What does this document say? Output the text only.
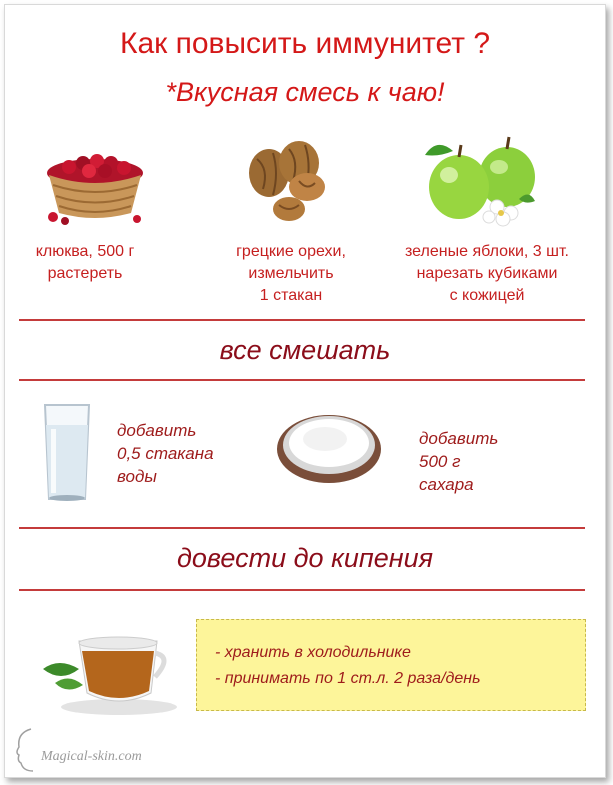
Как повысить иммунитет ?
*Вкусная смесь к чаю!
клюква, 500 г
растереть
грецкие орехи,
измельчить
1 стакан
зеленые яблоки, 3 шт.
нарезать кубиками
с кожицей
все смешать
добавить
0,5 стакана
воды
добавить
500 г
сахара
довести до кипения
- хранить в холодильнике
- принимать по 1 ст.л. 2 раза/день
Magical-skin.com
